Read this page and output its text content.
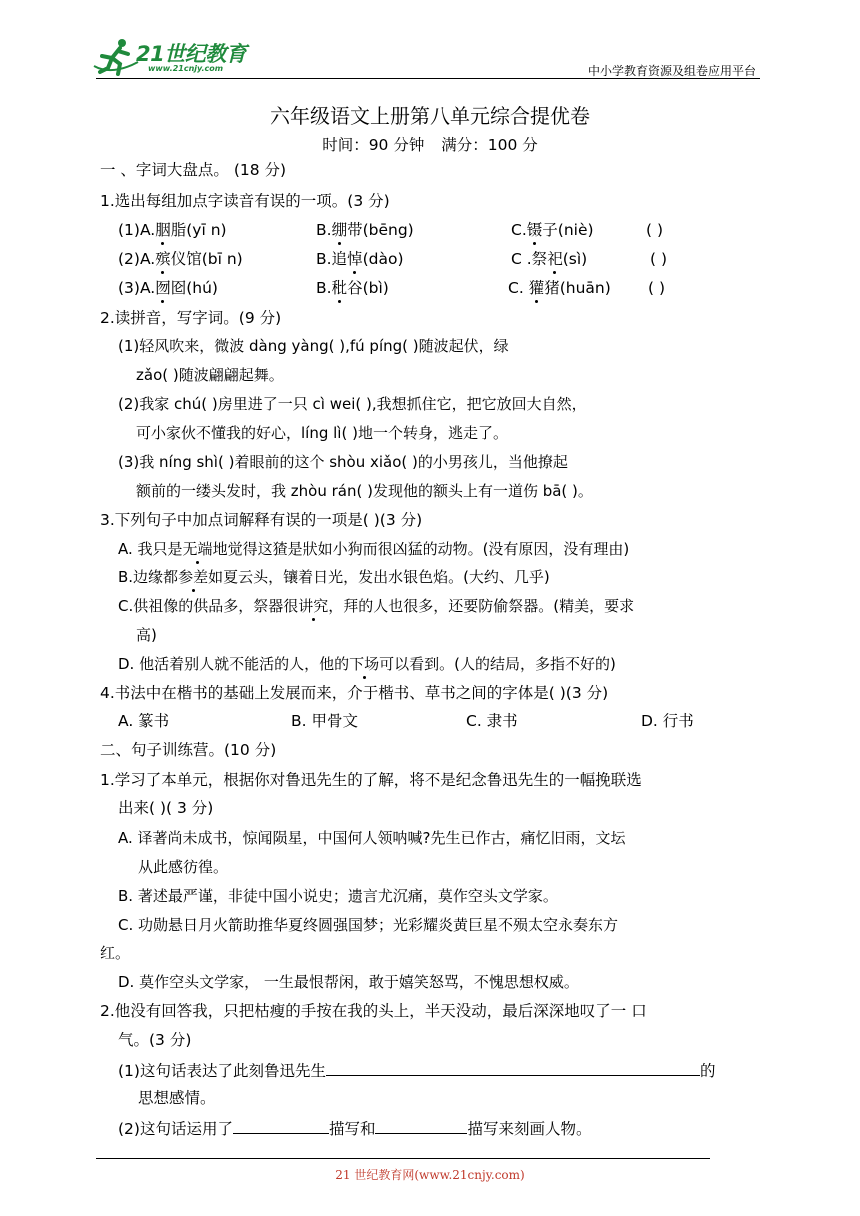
21世纪教育
www.21cnjy.com	中小学教育资源及组卷应用平台
六年级语文上册第八单元综合提优卷
时间：90 分钟 满分：100 分
一 、字词大盘点。 (18 分)
1.选出每组加点字读音有误的一项。(3 分)
(1)A.胭脂(yī n)	B.绷带(bēng)	C.镊子(niè)	( )
(2)A.殡仪馆(bī n)	B.追悼(dào)	C .祭祀(sì)	( )
(3)A.囫囵(hú)	B.秕谷(bì)	C. 獾猪(huān) ( )
2.读拼音，写字词。(9 分)
(1)轻风吹来，微波 dàng yàng( ),fú píng( )随波起伏，绿
zǎo( )随波翩翩起舞。
(2)我家 chú( )房里进了一只 cì wei( ),我想抓住它，把它放回大自然，
可小家伙不懂我的好心，líng lì( )地一个转身，逃走了。
(3)我 níng shì( )着眼前的这个 shòu xiǎo( )的小男孩儿，当他撩起
额前的一缕头发时，我 zhòu rán( )发现他的额头上有一道伤 bā( )。
3.下列句子中加点词解释有误的一项是( )(3 分)
A. 我只是无端地觉得这猹是狀如小狗而很凶猛的动物。(没有原因，没有理由)
B.边缘都参差如夏云头，镶着日光，发出水银色焰。(大约、几乎)
C.供祖像的供品多，祭器很讲究，拜的人也很多，还要防偷祭器。(精美，要求
高)
D. 他活着别人就不能活的人，他的下场可以看到。(人的结局，多指不好的)
4.书法中在楷书的基础上发展而来，介于楷书、草书之间的字体是( )(3 分)
A. 篆书	B. 甲骨文	C. 隶书	D. 行书
二、句子训练营。(10 分)
1.学习了本单元，根据你对鲁迅先生的了解，将不是纪念鲁迅先生的一幅挽联选
出来( )( 3 分)
A. 译著尚未成书，惊闻陨星，中国何人领呐喊?先生已作古，痛忆旧雨，文坛
从此感彷徨。
B. 著述最严谨，非徒中国小说史；遗言尤沉痛，莫作空头文学家。
C. 功勋悬日月火箭助推华夏终圆强国梦；光彩耀炎黄巨星不殒太空永奏东方
红。
D. 莫作空头文学家， 一生最恨帮闲，敢于嬉笑怒骂，不愧思想权威。
2.他没有回答我，只把枯瘦的手按在我的头上，半天没动，最后深深地叹了一 口
气。(3 分)
(1)这句话表达了此刻鲁迅先生	的
思想感情。
(2)这句话运用了	描写和	描写来刻画人物。
21 世纪教育网(www.21cnjy.com)
